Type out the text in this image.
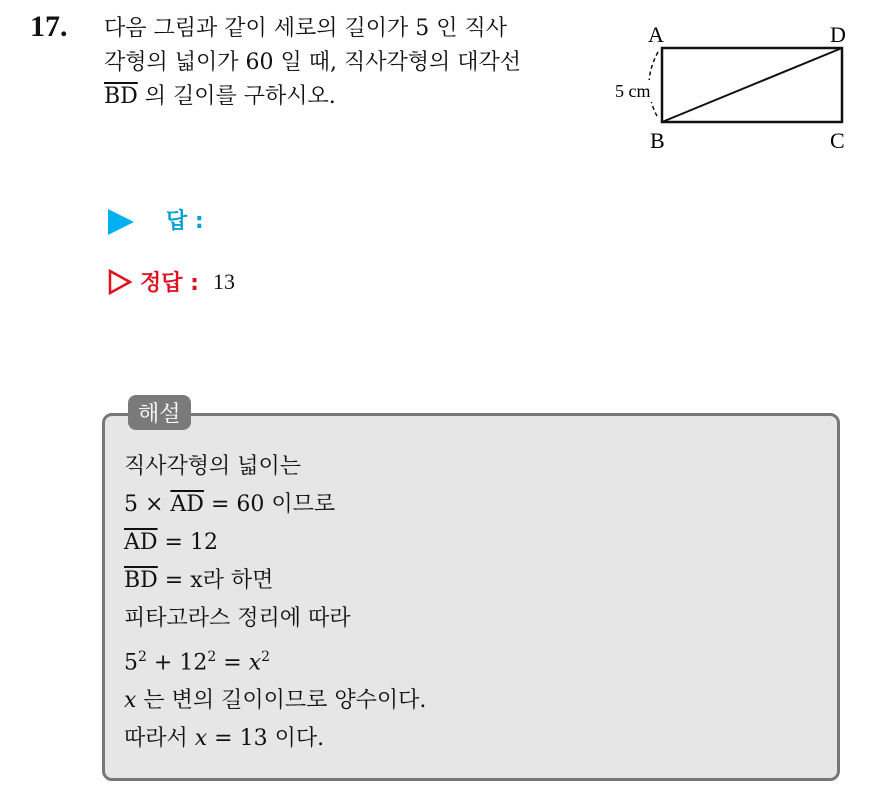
17. 다음 그림과 같이 세로의 길이가 5 인 직사
각형의 넓이가 60 일 때, 직사각형의 대각선
$\overline{BD}$ 의 길이를 구하시오.
A	D
B	C
5 cm
답 :
정답 : 13
해설
직사각형의 넓이는
$5 \times \overline{AD} = 60$ 이므로
$\overline{AD} = 12$
$\overline{BD} = x$라 하면
피타고라스 정리에 따라
$5^2 + 12^2 = x^2$
x 는 변의 길이이므로 양수이다.
따라서 x = 13 이다.
